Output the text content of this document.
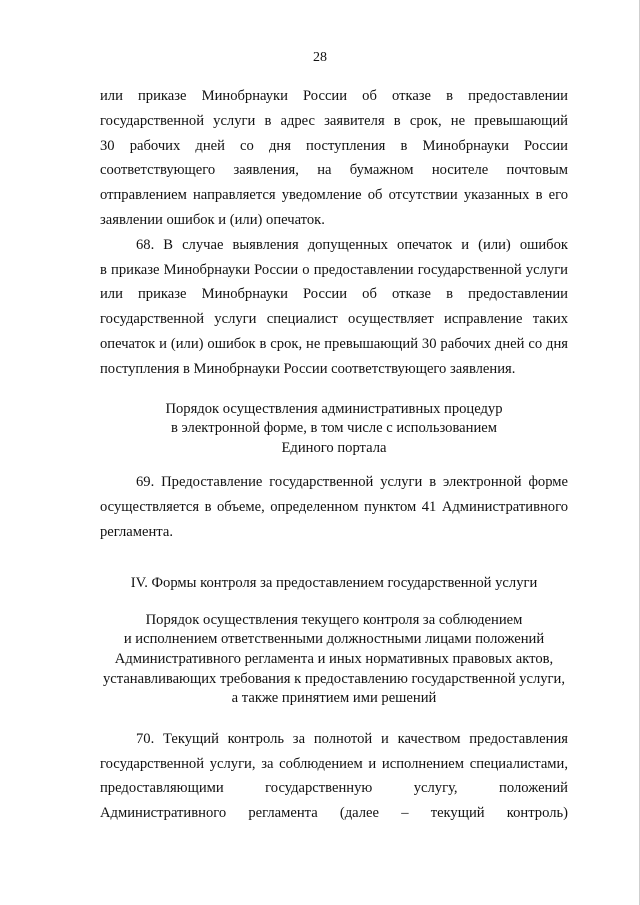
28

или приказе Минобрнауки России об отказе в предоставлении

государственной услуги в адрес заявителя в срок, не превышающий

30 рабочих дней со дня поступления в Минобрнауки России

соответствующего заявления, на бумажном носителе почтовым

отправлением направляется уведомление об отсутствии указанных в его

заявлении ошибок и (или) опечаток.

68. В случае выявления допущенных опечаток и (или) ошибок

в приказе Минобрнауки России о предоставлении государственной услуги

или приказе Минобрнауки России об отказе в предоставлении

государственной услуги специалист осуществляет исправление таких

опечаток и (или) ошибок в срок, не превышающий 30 рабочих дней со дня

поступления в Минобрнауки России соответствующего заявления.

Порядок осуществления административных процедур
в электронной форме, в том числе с использованием
Единого портала

69. Предоставление государственной услуги в электронной форме

осуществляется в объеме, определенном пунктом 41 Административного

регламента.

IV. Формы контроля за предоставлением государственной услуги
Порядок осуществления текущего контроля за соблюдением
и исполнением ответственными должностными лицами положений
Административного регламента и иных нормативных правовых актов,
устанавливающих требования к предоставлению государственной услуги,
а также принятием ими решений

70. Текущий контроль за полнотой и качеством предоставления

государственной услуги, за соблюдением и исполнением специалистами,

предоставляющими государственную услугу, положений

Административного регламента (далее – текущий контроль)
